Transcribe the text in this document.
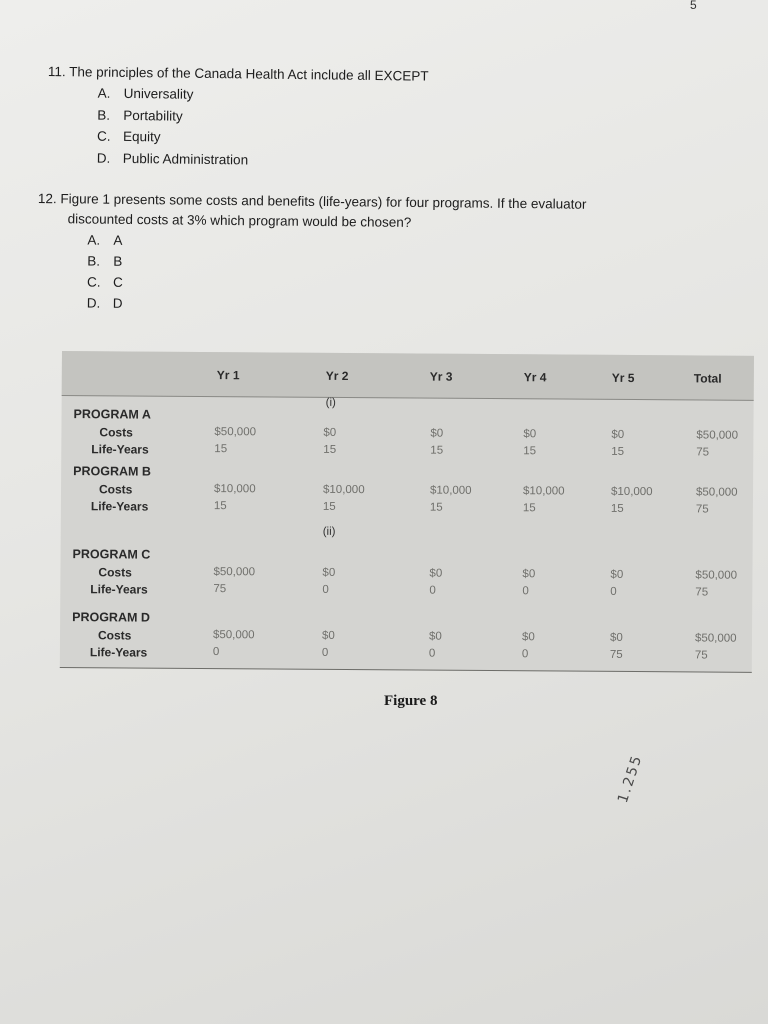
5

11. The principles of the Canada Health Act include all EXCEPT

A. Universality
B. Portability
C. Equity
D. Public Administration

12. Figure 1 presents some costs and benefits (life-years) for four programs. If the evaluator

discounted costs at 3% which program would be chosen?

A. A
B. B
C. C
D. D
Yr 1	Yr 2	Yr 3	Yr 4	Yr 5	Total
(i)
(ii)
PROGRAM A
Costs	$50,000	$0	$0	$0	$0	$50,000
Life-Years	15	15	15	15	15	75
PROGRAM B
Costs	$10,000	$10,000	$10,000	$10,000	$10,000	$50,000
Life-Years	15	15	15	15	15	75
PROGRAM C
Costs	$50,000	$0	$0	$0	$0	$50,000
Life-Years	75	0	0	0	0	75
PROGRAM D
Costs	$50,000	$0	$0	$0	$0	$50,000
Life-Years	0	0	0	0	75	75
Figure 8
1.255
